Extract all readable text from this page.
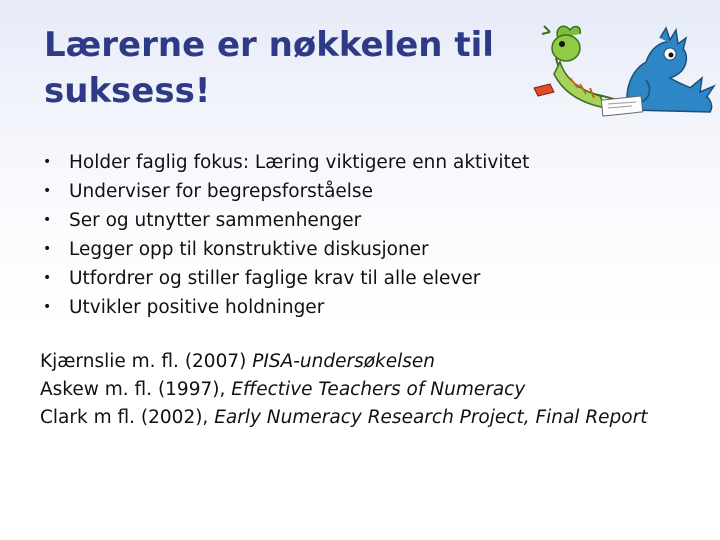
Lærerne er nøkkelen til
suksess!
• Holder faglig fokus: Læring viktigere enn aktivitet
• Underviser for begrepsforståelse
• Ser og utnytter sammenhenger
• Legger opp til konstruktive diskusjoner
• Utfordrer og stiller faglige krav til alle elever
• Utvikler positive holdninger
Kjærnslie m. fl. (2007) PISA-undersøkelsen
Askew m. fl. (1997), Effective Teachers of Numeracy
Clark m fl. (2002), Early Numeracy Research Project, Final Report
